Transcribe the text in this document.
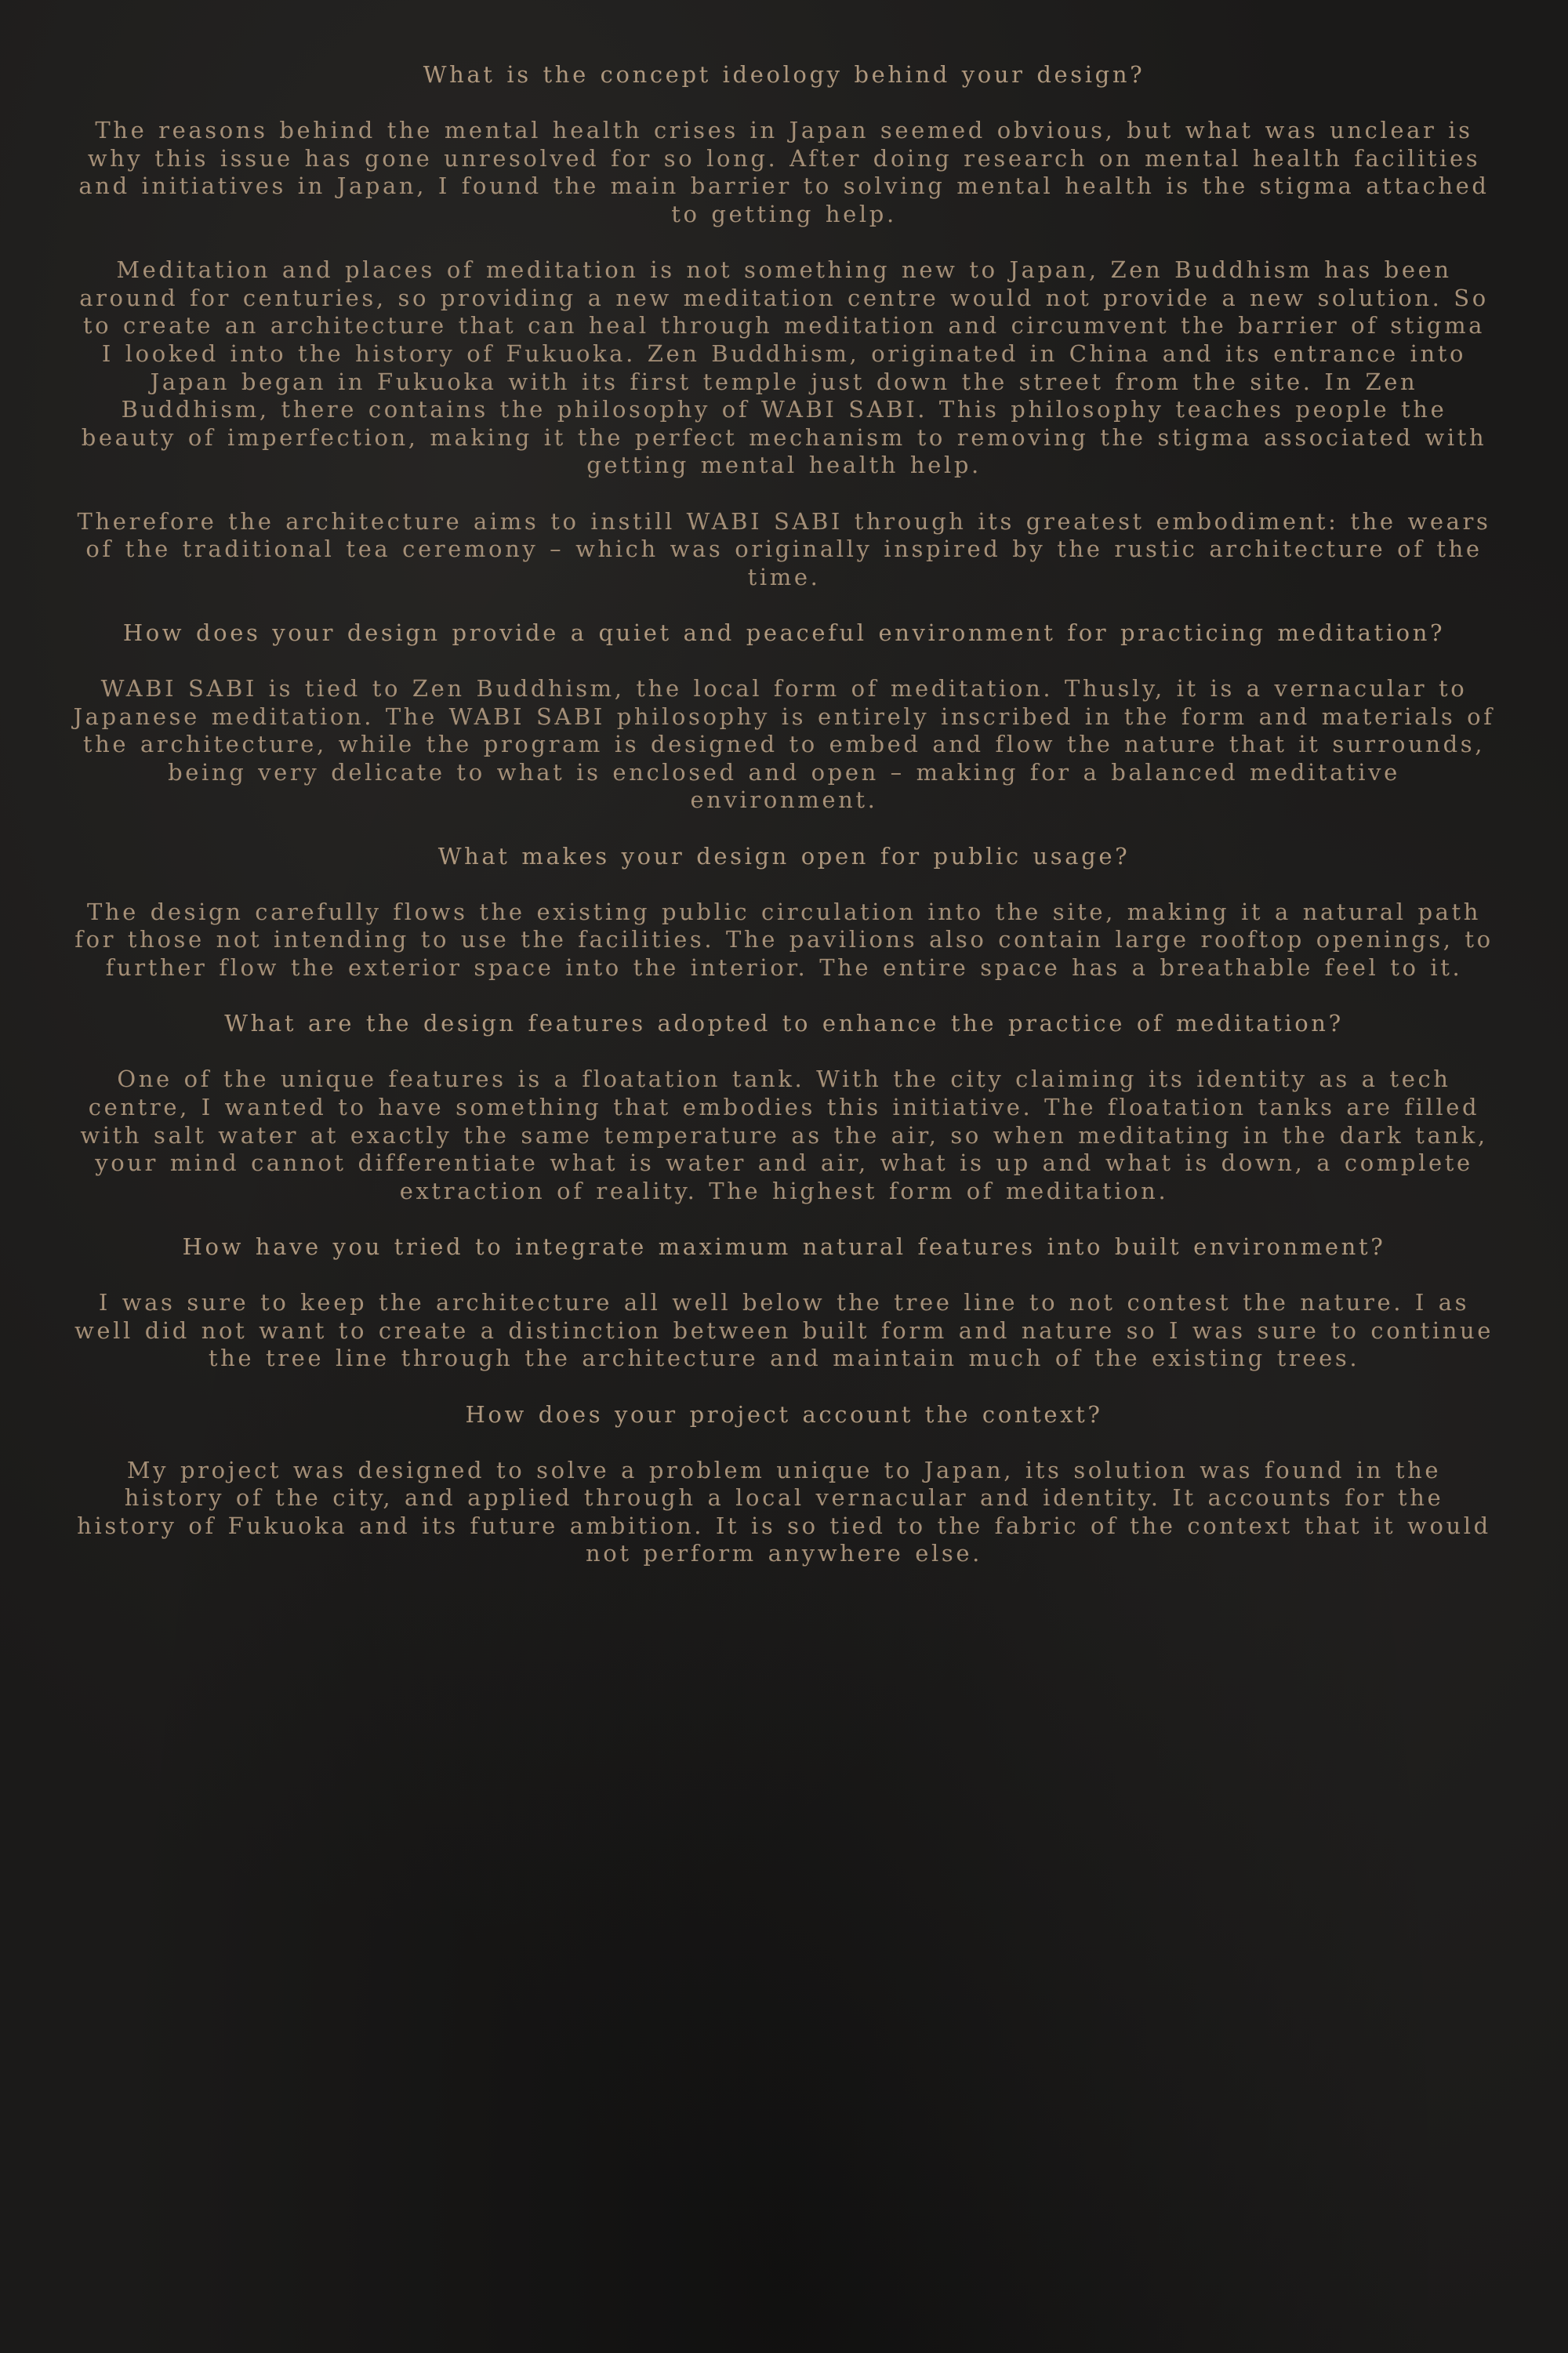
What is the concept ideology behind your design?

The reasons behind the mental health crises in Japan seemed obvious, but what was unclear is why this issue has gone unresolved for so long. After doing research on mental health facilities and initiatives in Japan, I found the main barrier to solving mental health is the stigma attached to getting help.

Meditation and places of meditation is not something new to Japan, Zen Buddhism has been around for centuries, so providing a new meditation centre would not provide a new solution. So to create an architecture that can heal through meditation and circumvent the barrier of stigma I looked into the history of Fukuoka. Zen Buddhism, originated in China and its entrance into Japan began in Fukuoka with its first temple just down the street from the site. In Zen Buddhism, there contains the philosophy of WABI SABI. This philosophy teaches people the beauty of imperfection, making it the perfect mechanism to removing the stigma associated with getting mental health help.

Therefore the architecture aims to instill WABI SABI through its greatest embodiment: the wears of the traditional tea ceremony – which was originally inspired by the rustic architecture of the time.

How does your design provide a quiet and peaceful environment for practicing meditation?

WABI SABI is tied to Zen Buddhism, the local form of meditation. Thusly, it is a vernacular to Japanese meditation. The WABI SABI philosophy is entirely inscribed in the form and materials of the architecture, while the program is designed to embed and flow the nature that it surrounds, being very delicate to what is enclosed and open – making for a balanced meditative environment.

What makes your design open for public usage?

The design carefully flows the existing public circulation into the site, making it a natural path for those not intending to use the facilities. The pavilions also contain large rooftop openings, to further flow the exterior space into the interior. The entire space has a breathable feel to it.

What are the design features adopted to enhance the practice of meditation?

One of the unique features is a floatation tank. With the city claiming its identity as a tech centre, I wanted to have something that embodies this initiative. The floatation tanks are filled with salt water at exactly the same temperature as the air, so when meditating in the dark tank, your mind cannot differentiate what is water and air, what is up and what is down, a complete extraction of reality. The highest form of meditation.

How have you tried to integrate maximum natural features into built environment?

I was sure to keep the architecture all well below the tree line to not contest the nature. I as well did not want to create a distinction between built form and nature so I was sure to continue the tree line through the architecture and maintain much of the existing trees.

How does your project account the context?

My project was designed to solve a problem unique to Japan, its solution was found in the history of the city, and applied through a local vernacular and identity. It accounts for the history of Fukuoka and its future ambition. It is so tied to the fabric of the context that it would not perform anywhere else.
